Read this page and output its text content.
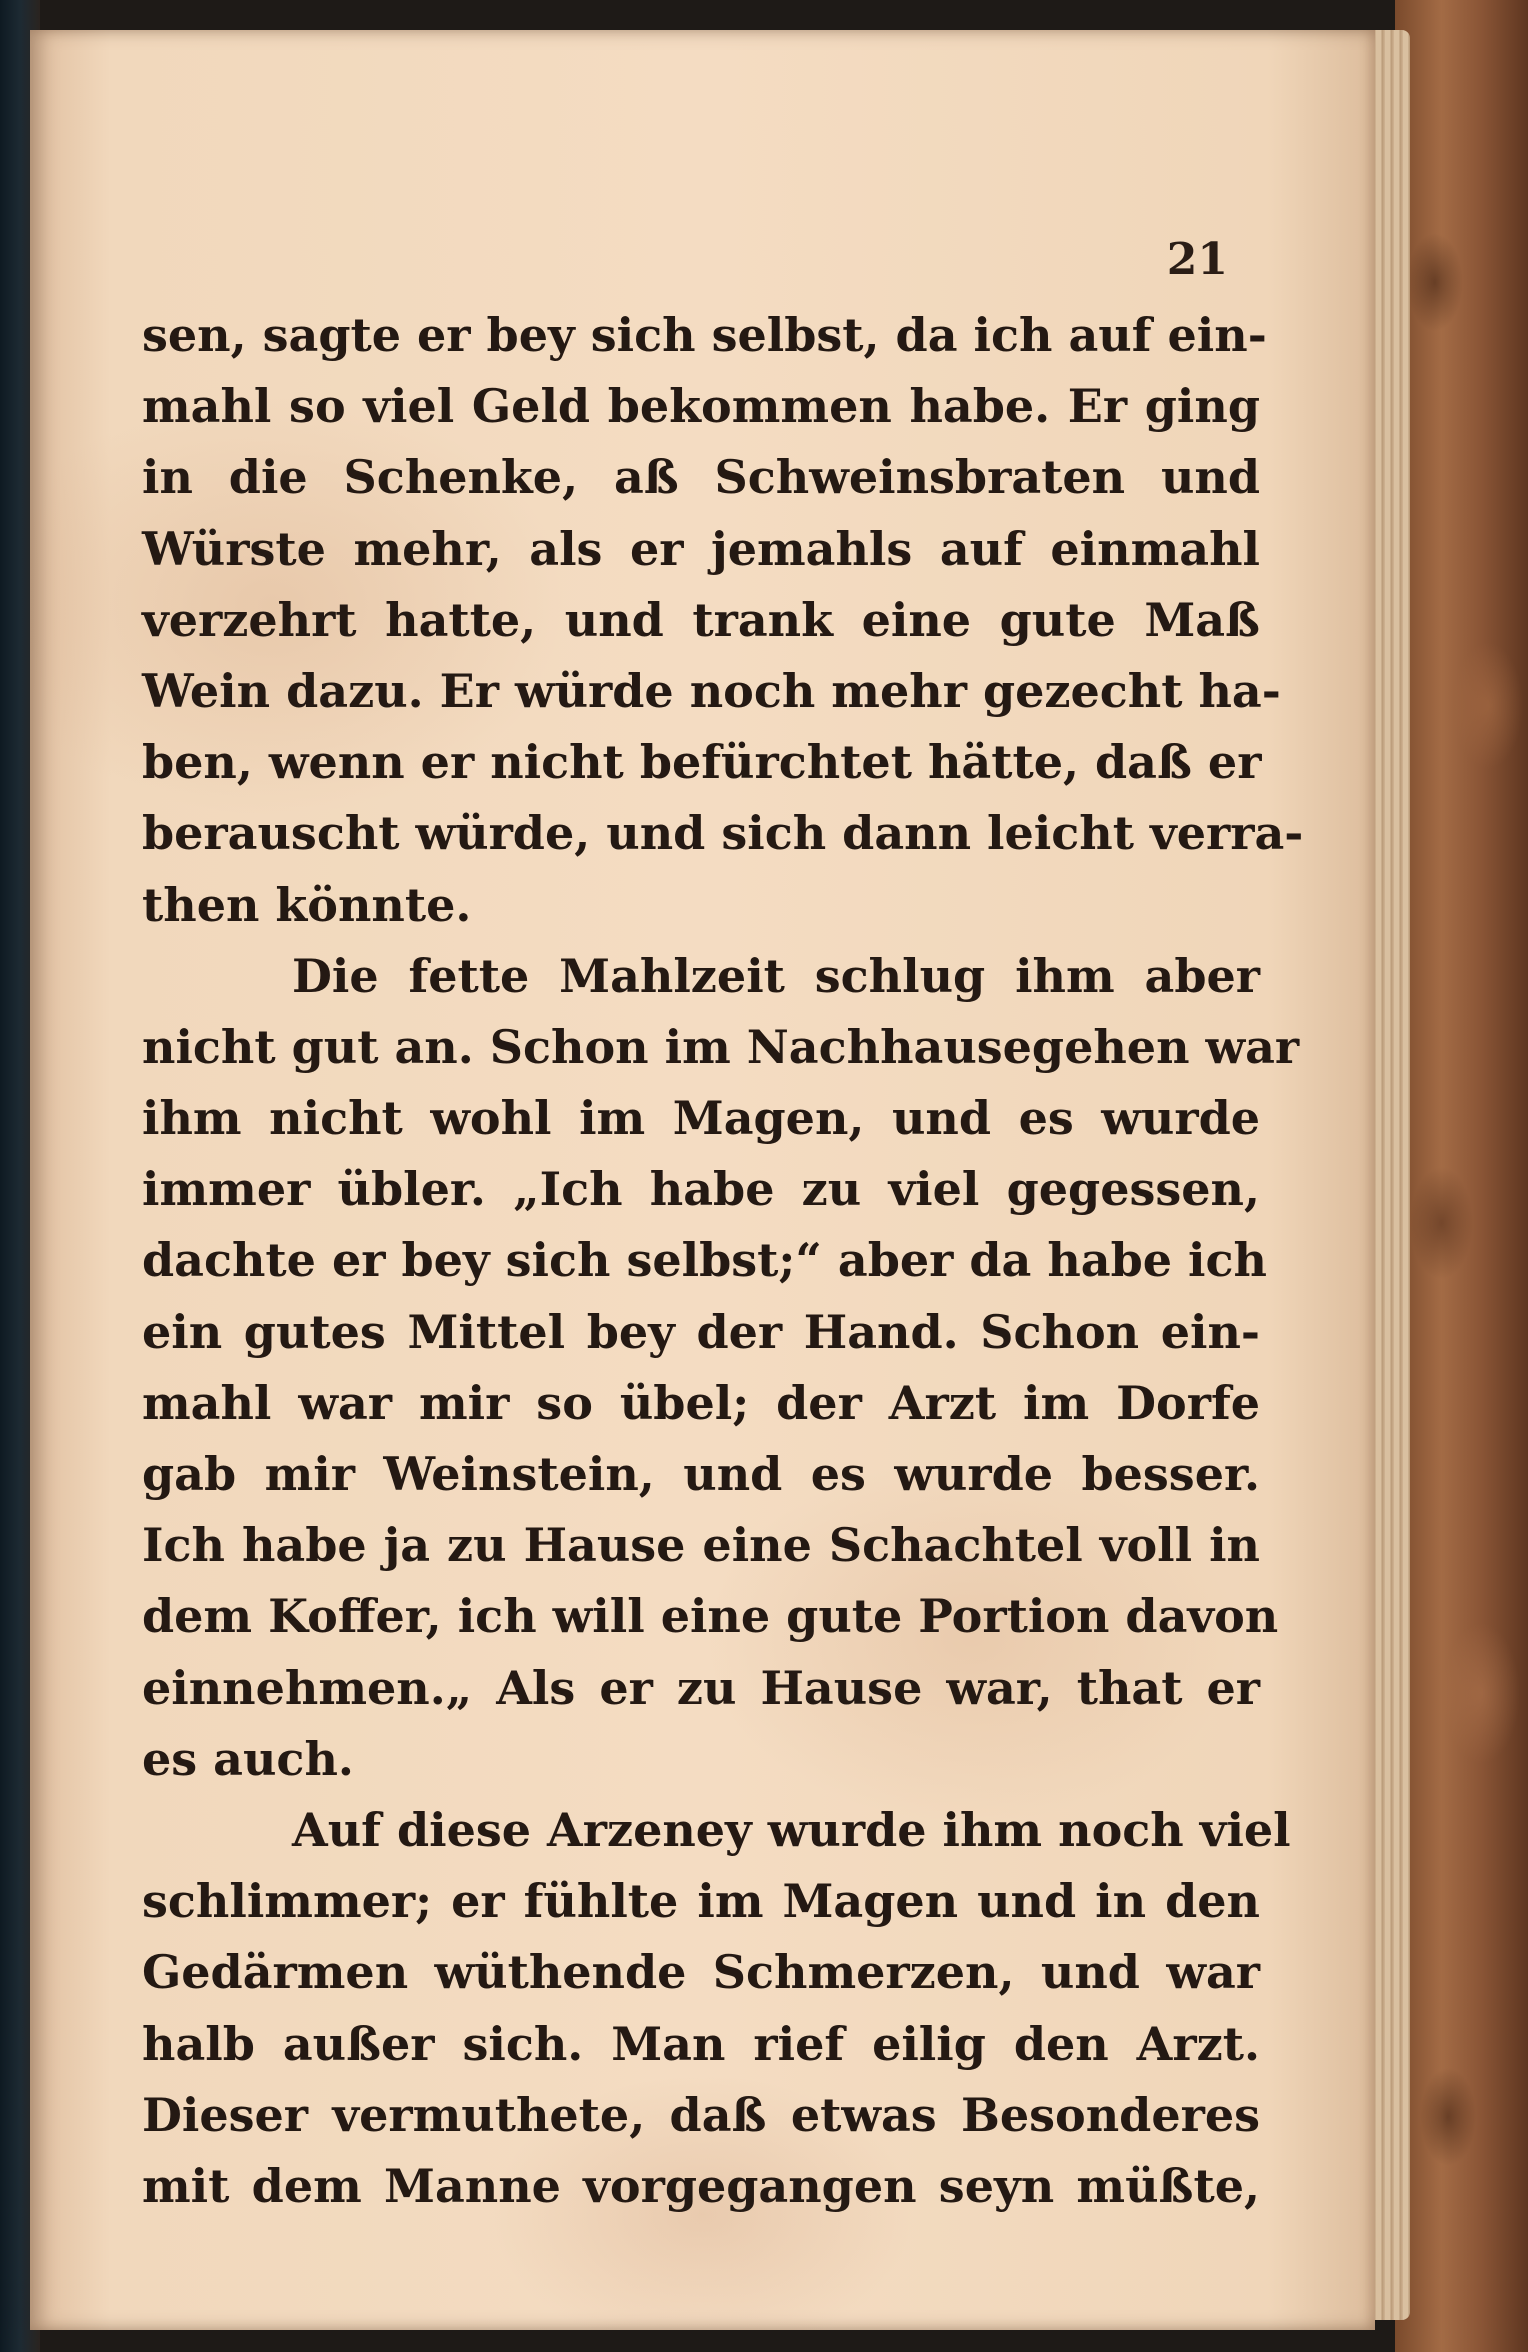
21
sen, sagte er bey sich selbst, da ich auf ein-
mahl so viel Geld bekommen habe. Er ging
in die Schenke, aß Schweinsbraten und
Würste mehr, als er jemahls auf einmahl
verzehrt hatte, und trank eine gute Maß
Wein dazu. Er würde noch mehr gezecht ha-
ben, wenn er nicht befürchtet hätte, daß er
berauscht würde, und sich dann leicht verra-
then könnte.
Die fette Mahlzeit schlug ihm aber
nicht gut an. Schon im Nachhausegehen war
ihm nicht wohl im Magen, und es wurde
immer übler. „Ich habe zu viel gegessen,
dachte er bey sich selbst;“ aber da habe ich
ein gutes Mittel bey der Hand. Schon ein-
mahl war mir so übel; der Arzt im Dorfe
gab mir Weinstein, und es wurde besser.
Ich habe ja zu Hause eine Schachtel voll in
dem Koffer, ich will eine gute Portion davon
einnehmen.„ Als er zu Hause war, that er
es auch.
Auf diese Arzeney wurde ihm noch viel
schlimmer; er fühlte im Magen und in den
Gedärmen wüthende Schmerzen, und war
halb außer sich. Man rief eilig den Arzt.
Dieser vermuthete, daß etwas Besonderes
mit dem Manne vorgegangen seyn müßte,
